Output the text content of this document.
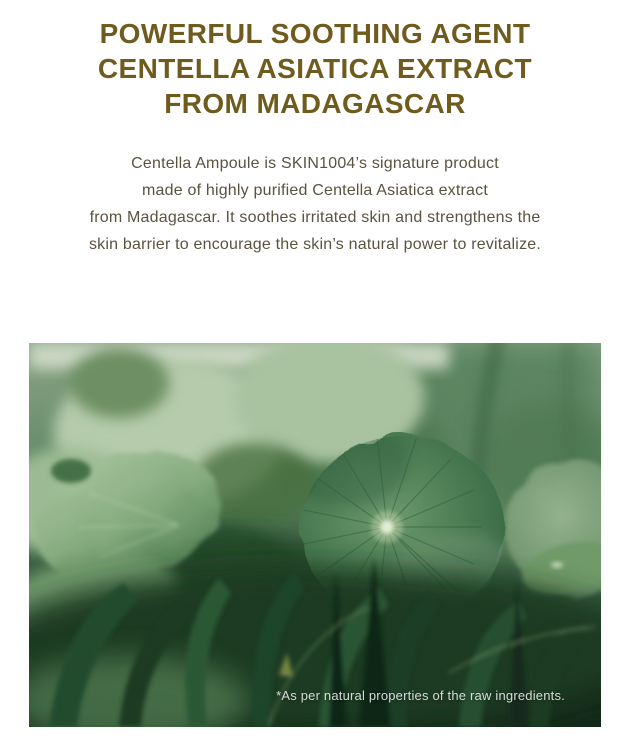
POWERFUL SOOTHING AGENT
CENTELLA ASIATICA EXTRACT
FROM MADAGASCAR

Centella Ampoule is SKIN1004’s signature product
made of highly purified Centella Asiatica extract
from Madagascar. It soothes irritated skin and strengthens the
skin barrier to encourage the skin’s natural power to revitalize.

*As per natural properties of the raw ingredients.
